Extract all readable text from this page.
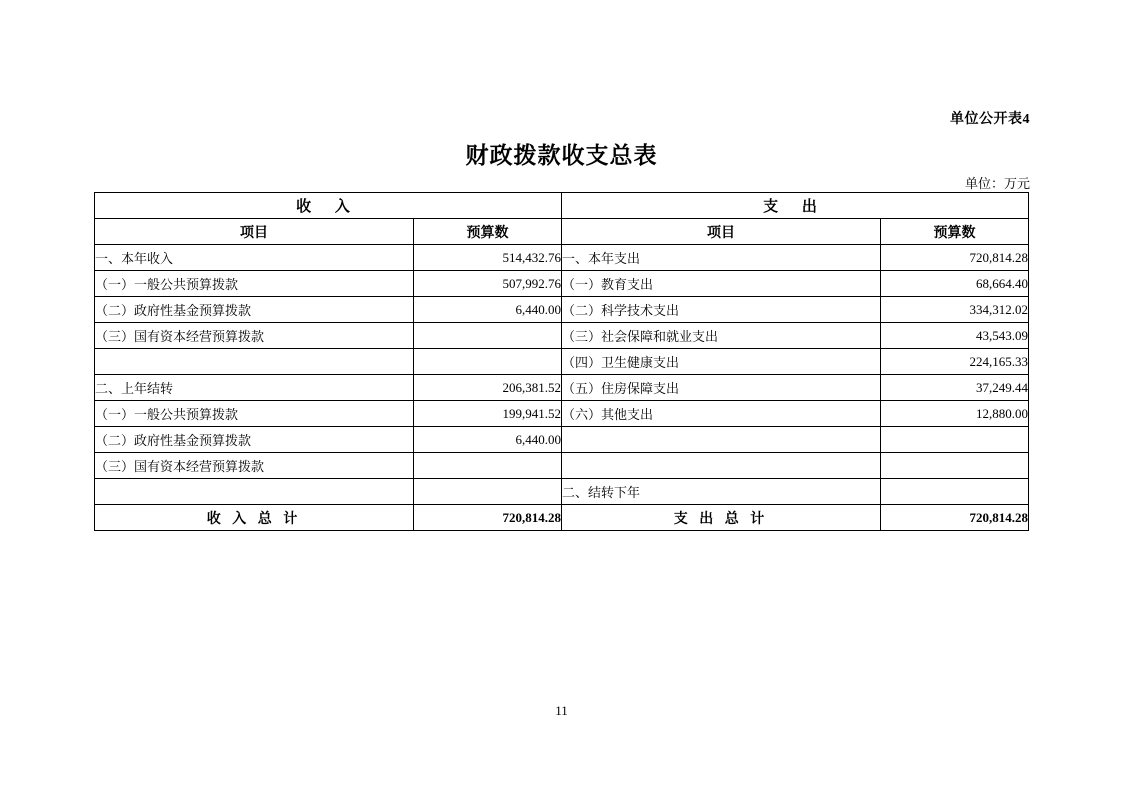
单位公开表4
财政拨款收支总表
单位：万元
收 入		支 出	
项目	预算数	项目	预算数
一、本年收入	514,432.76	一、本年支出	720,814.28
（一）一般公共预算拨款	507,992.76	（一）教育支出	68,664.40
（二）政府性基金预算拨款	6,440.00	（二）科学技术支出	334,312.02
（三）国有资本经营预算拨款		（三）社会保障和就业支出	43,543.09
		（四）卫生健康支出	224,165.33
二、上年结转	206,381.52	（五）住房保障支出	37,249.44
（一）一般公共预算拨款	199,941.52	（六）其他支出	12,880.00
（二）政府性基金预算拨款	6,440.00		
（三）国有资本经营预算拨款			
		二、结转下年	
收 入 总 计	720,814.28	支 出 总 计	720,814.28
11
